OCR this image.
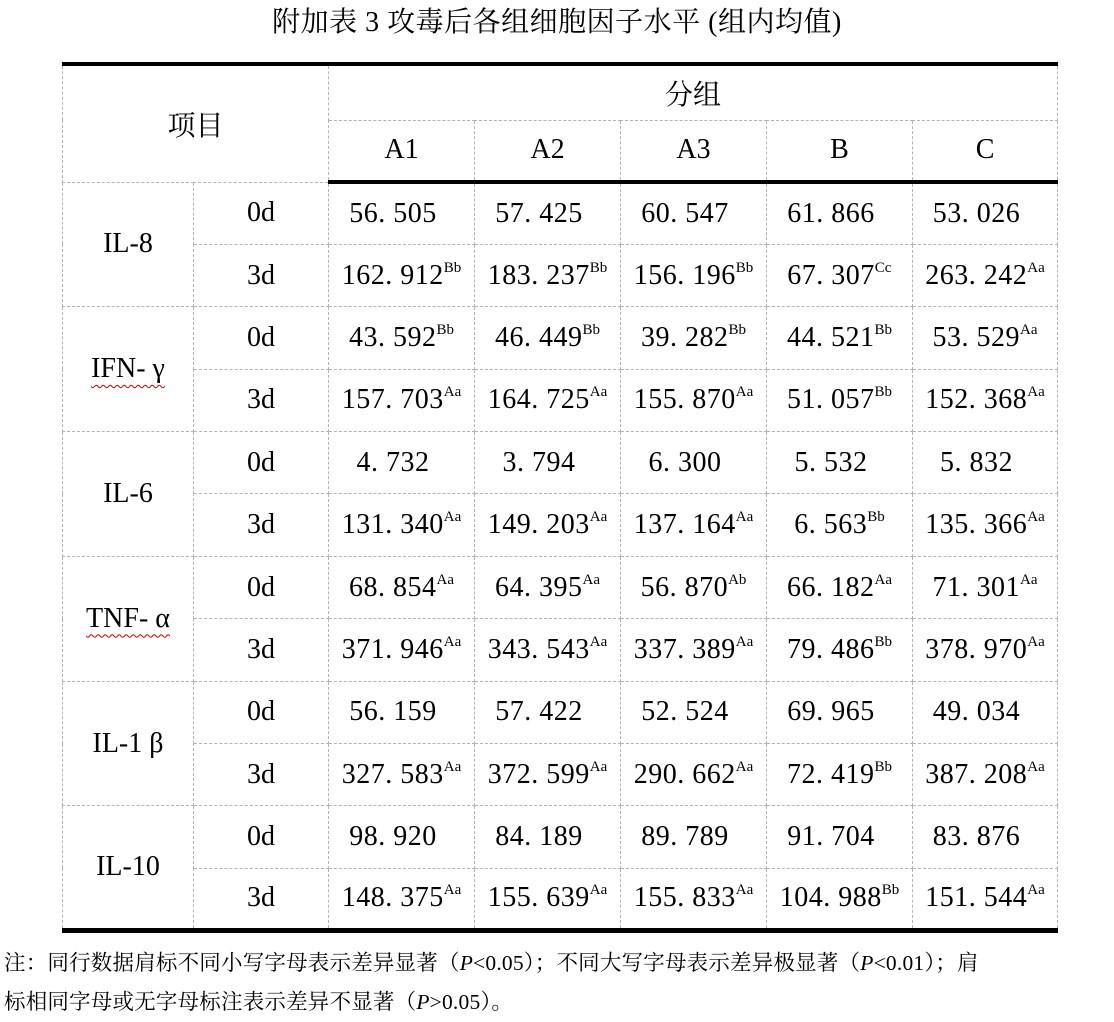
附加表 3 攻毒后各组细胞因子水平 (组内均值)
项目		分组				
		A1	A2	A3	B	C
IL-8	0d	56. 505	57. 425	60. 547	61. 866	53. 026
	3d	162. 912Bb	183. 237Bb	156. 196Bb	67. 307Cc	263. 242Aa
IFN- γ	0d	43. 592Bb	46. 449Bb	39. 282Bb	44. 521Bb	53. 529Aa
	3d	157. 703Aa	164. 725Aa	155. 870Aa	51. 057Bb	152. 368Aa
IL-6	0d	4. 732	3. 794	6. 300	5. 532	5. 832
	3d	131. 340Aa	149. 203Aa	137. 164Aa	6. 563Bb	135. 366Aa
TNF- α	0d	68. 854Aa	64. 395Aa	56. 870Ab	66. 182Aa	71. 301Aa
	3d	371. 946Aa	343. 543Aa	337. 389Aa	79. 486Bb	378. 970Aa
IL-1 β	0d	56. 159	57. 422	52. 524	69. 965	49. 034
	3d	327. 583Aa	372. 599Aa	290. 662Aa	72. 419Bb	387. 208Aa
IL-10	0d	98. 920	84. 189	89. 789	91. 704	83. 876
	3d	148. 375Aa	155. 639Aa	155. 833Aa	104. 988Bb	151. 544Aa
注：同行数据肩标不同小写字母表示差异显著（P<0.05）；不同大写字母表示差异极显著（P<0.01）；肩
标相同字母或无字母标注表示差异不显著（P>0.05）。
